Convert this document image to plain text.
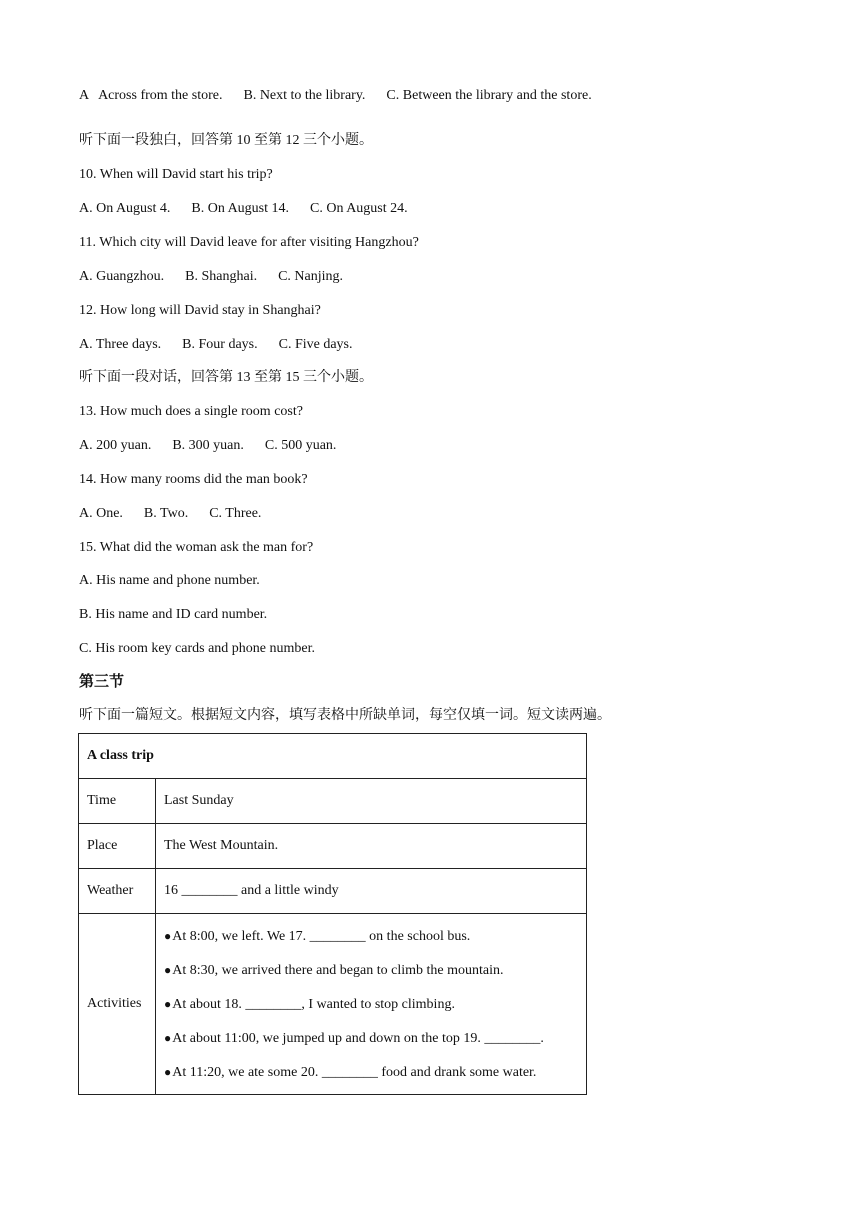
A   Across from the store.      B. Next to the library.      C. Between the library and the store.
听下面一段独白，回答第 10 至第 12 三个小题。
10. When will David start his trip?
A. On August 4.      B. On August 14.      C. On August 24.
11. Which city will David leave for after visiting Hangzhou?
A. Guangzhou.      B. Shanghai.      C. Nanjing.
12. How long will David stay in Shanghai?
A. Three days.      B. Four days.      C. Five days.
听下面一段对话，回答第 13 至第 15 三个小题。
13. How much does a single room cost?
A. 200 yuan.      B. 300 yuan.      C. 500 yuan.
14. How many rooms did the man book?
A. One.      B. Two.      C. Three.
15. What did the woman ask the man for?
A. His name and phone number.
B. His name and ID card number.
C. His room key cards and phone number.
第三节
听下面一篇短文。根据短文内容，填写表格中所缺单词，每空仅填一词。短文读两遍。
A class trip	
Time	Last Sunday
Place	The West Mountain.
Weather	16 ________ and a little windy
Activities	●At 8:00, we left. We 17. ________ on the school bus.
●At 8:30, we arrived there and began to climb the mountain.
●At about 18. ________, I wanted to stop climbing.
●At about 11:00, we jumped up and down on the top 19. ________.
●At 11:20, we ate some 20. ________ food and drank some water.
